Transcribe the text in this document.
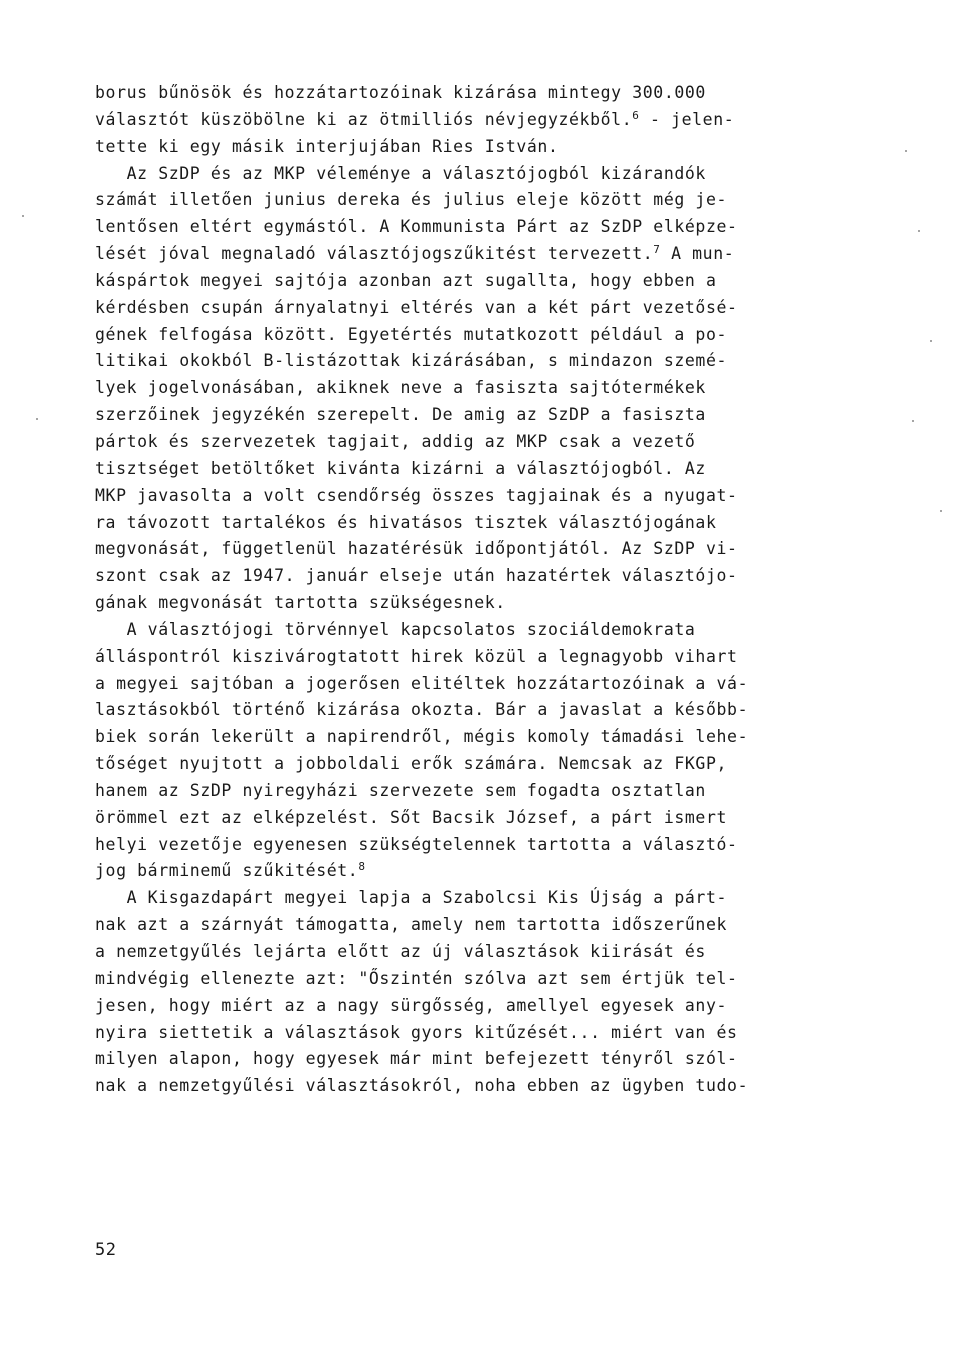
borus bűnösök és hozzátartozóinak kizárása mintegy 300.000
választót küszöbölne ki az ötmilliós névjegyzékből.$^6$ - jelen-
tette ki egy másik interjujában Ries István.
Az SzDP és az MKP véleménye a választójogból kizárandók
számát illetően junius dereka és julius eleje között még je-
lentősen eltért egymástól. A Kommunista Párt az SzDP elképze-
lését jóval megnaladó választójogszűkitést tervezett.$^7$ A mun-
káspártok megyei sajtója azonban azt sugallta, hogy ebben a
kérdésben csupán árnyalatnyi eltérés van a két párt vezetősé-
gének felfogása között. Egyetértés mutatkozott például a po-
litikai okokból B-listázottak kizárásában, s mindazon szemé-
lyek jogelvonásában, akiknek neve a fasiszta sajtótermékek
szerzőinek jegyzékén szerepelt. De amig az SzDP a fasiszta
pártok és szervezetek tagjait, addig az MKP csak a vezető
tisztséget betöltőket kivánta kizárni a választójogból. Az
MKP javasolta a volt csendőrség összes tagjainak és a nyugat-
ra távozott tartalékos és hivatásos tisztek választójogának
megvonását, függetlenül hazatérésük időpontjától. Az SzDP vi-
szont csak az 1947. január elseje után hazatértek választójo-
gának megvonását tartotta szükségesnek.
A választójogi törvénnyel kapcsolatos szociáldemokrata
álláspontról kiszivárogtatott hirek közül a legnagyobb vihart
a megyei sajtóban a jogerősen elitéltek hozzátartozóinak a vá-
lasztásokból történő kizárása okozta. Bár a javaslat a később-
biek során lekerült a napirendről, mégis komoly támadási lehe-
tőséget nyujtott a jobboldali erők számára. Nemcsak az FKGP,
hanem az SzDP nyiregyházi szervezete sem fogadta osztatlan
örömmel ezt az elképzelést. Sőt Bacsik József, a párt ismert
helyi vezetője egyenesen szükségtelennek tartotta a választó-
jog bárminemű szűkitését.$^8$
A Kisgazdapárt megyei lapja a Szabolcsi Kis Újság a párt-
nak azt a szárnyát támogatta, amely nem tartotta időszerűnek
a nemzetgyűlés lejárta előtt az új választások kiirását és
mindvégig ellenezte azt: "Őszintén szólva azt sem értjük tel-
jesen, hogy miért az a nagy sürgősség, amellyel egyesek any-
nyira siettetik a választások gyors kitűzését... miért van és
milyen alapon, hogy egyesek már mint befejezett tényről szól-
nak a nemzetgyűlési választásokról, noha ebben az ügyben tudo-
52
